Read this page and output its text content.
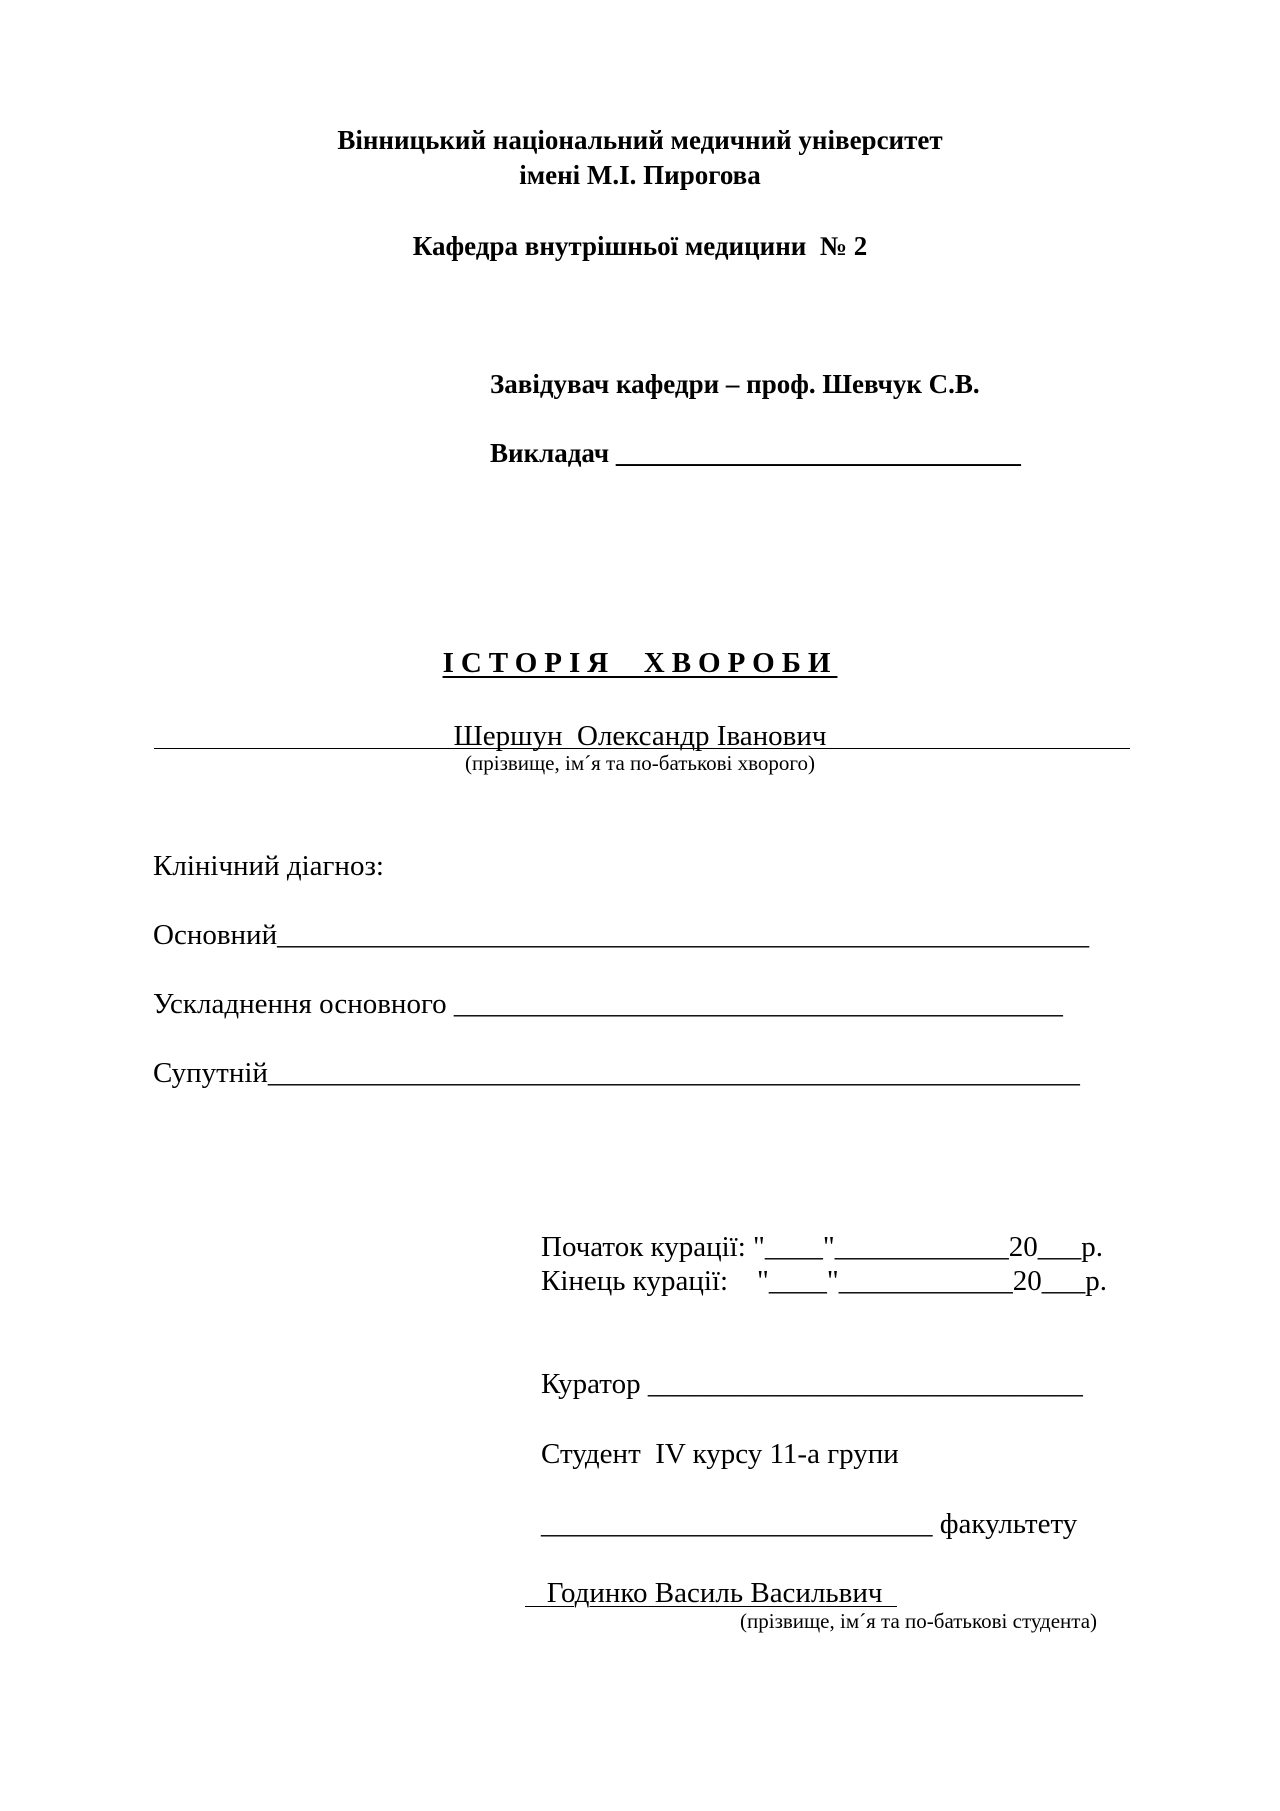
Вінницький національний медичний університет
імені М.І. Пирогова
Кафедра внутрішньої медицини  № 2
Завідувач кафедри – проф. Шевчук С.В.
Викладач ______________________________
ІСТОРІЯ  ХВОРОБИ
Шершун  Олександр Іванович
(прізвище, ім´я та по-батькові хворого)
Клінічний діагноз:
Основний________________________________________________________
Ускладнення основного __________________________________________
Супутній________________________________________________________
Початок курації: "____"____________20___р.
Кінець курації:    "____"____________20___р.
Куратор ______________________________
Студент  IV курсу 11-а групи
___________________________ факультету
Годинко Василь Васильвич
(прізвище, ім´я та по-батькові студента)
